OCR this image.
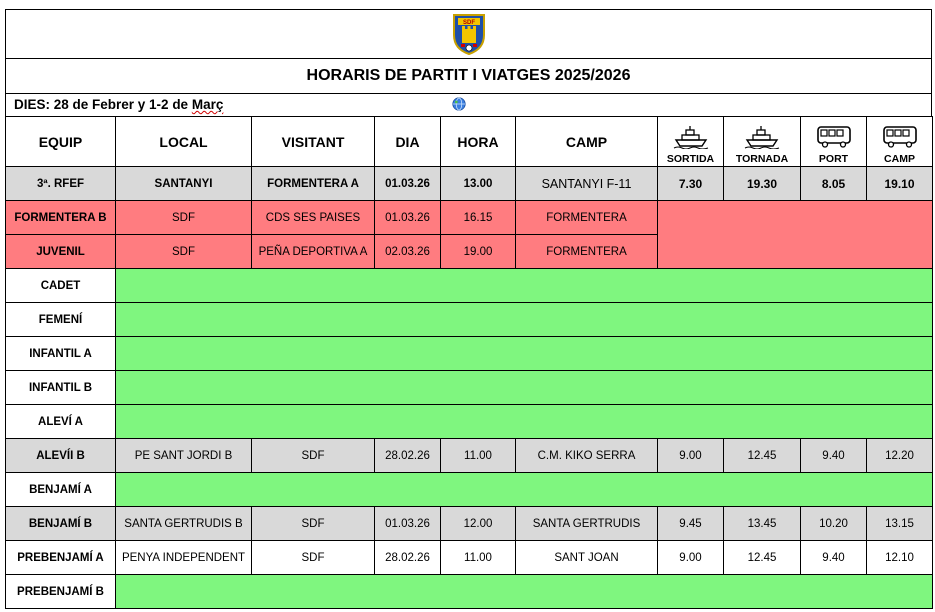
SDF
HORARIS DE PARTIT I VIATGES 2025/2026
DIES: 28 de Febrer y 1-2 de Març
EQUIP	LOCAL	VISITANT	DIA	HORA	CAMP	SORTIDA	TORNADA	PORT	CAMP
3ª. RFEF	SANTANYI	FORMENTERA A	01.03.26	13.00	SANTANYI F-11	7.30	19.30	8.05	19.10
FORMENTERA B	SDF	CDS SES PAISES	01.03.26	16.15	FORMENTERA				
JUVENIL	SDF	PEÑA DEPORTIVA A	02.03.26	19.00	FORMENTERA				
CADET									
FEMENÍ									
INFANTIL A									
INFANTIL B									
ALEVÍ A									
ALEVÍI B	PE SANT JORDI B	SDF	28.02.26	11.00	C.M. KIKO SERRA	9.00	12.45	9.40	12.20
BENJAMÍ A									
BENJAMÍ B	SANTA GERTRUDIS B	SDF	01.03.26	12.00	SANTA GERTRUDIS	9.45	13.45	10.20	13.15
PREBENJAMÍ A	PENYA INDEPENDENT	SDF	28.02.26	11.00	SANT JOAN	9.00	12.45	9.40	12.10
PREBENJAMÍ B									
